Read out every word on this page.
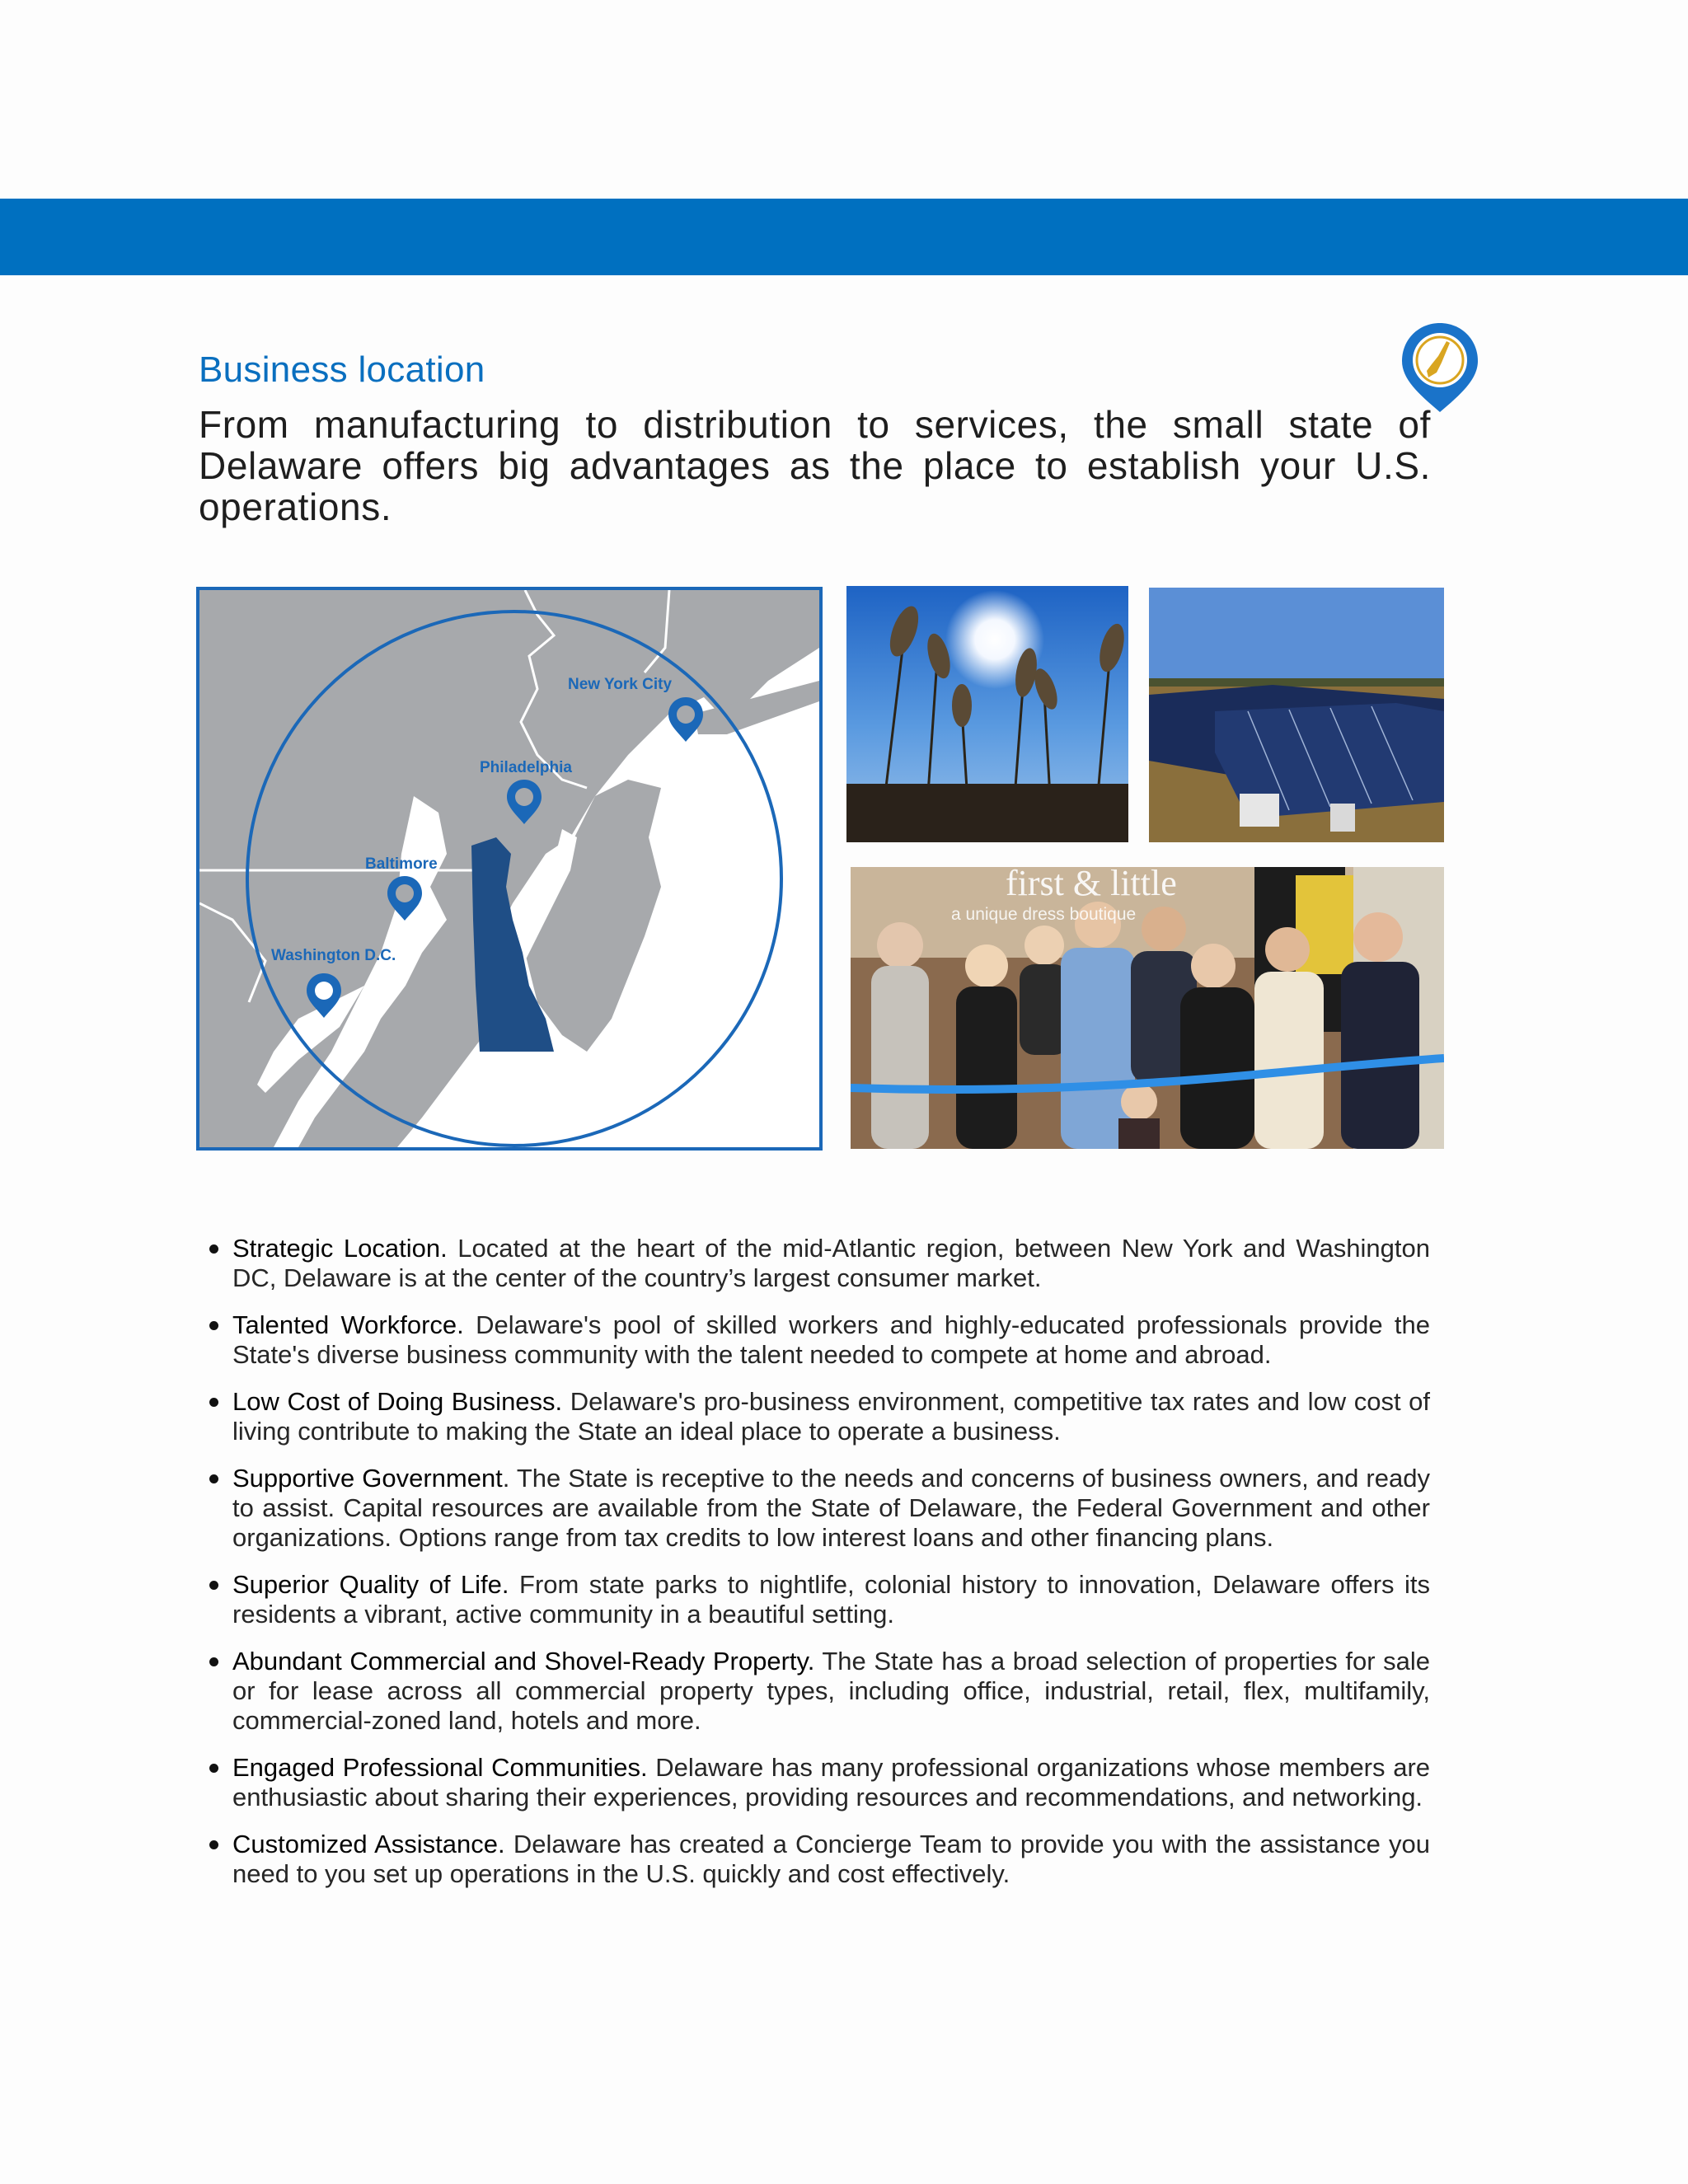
Business location

From manufacturing to distribution to services, the small state of Delaware offers big advantages as the place to establish your U.S. operations.

New York City
Philadelphia
Baltimore
Washington D.C.
first & little
a unique dress boutique
Strategic Location. Located at the heart of the mid-Atlantic region, between New York and Washington DC, Delaware is at the center of the country’s largest consumer market.
Talented Workforce. Delaware's pool of skilled workers and highly-educated professionals provide the State's diverse business community with the talent needed to compete at home and abroad.
Low Cost of Doing Business. Delaware's pro-business environment, competitive tax rates and low cost of living contribute to making the State an ideal place to operate a business.
Supportive Government. The State is receptive to the needs and concerns of business owners, and ready to assist. Capital resources are available from the State of Delaware, the Federal Government and other organizations. Options range from tax credits to low interest loans and other financing plans.
Superior Quality of Life. From state parks to nightlife, colonial history to innovation, Delaware offers its residents a vibrant, active community in a beautiful setting.
Abundant Commercial and Shovel-Ready Property. The State has a broad selection of properties for sale or for lease across all commercial property types, including office, industrial, retail, flex, multifamily, commercial-zoned land, hotels and more.
Engaged Professional Communities. Delaware has many professional organizations whose members are enthusiastic about sharing their experiences, providing resources and recommendations, and networking.
Customized Assistance. Delaware has created a Concierge Team to provide you with the assistance you need to you set up operations in the U.S. quickly and cost effectively.
